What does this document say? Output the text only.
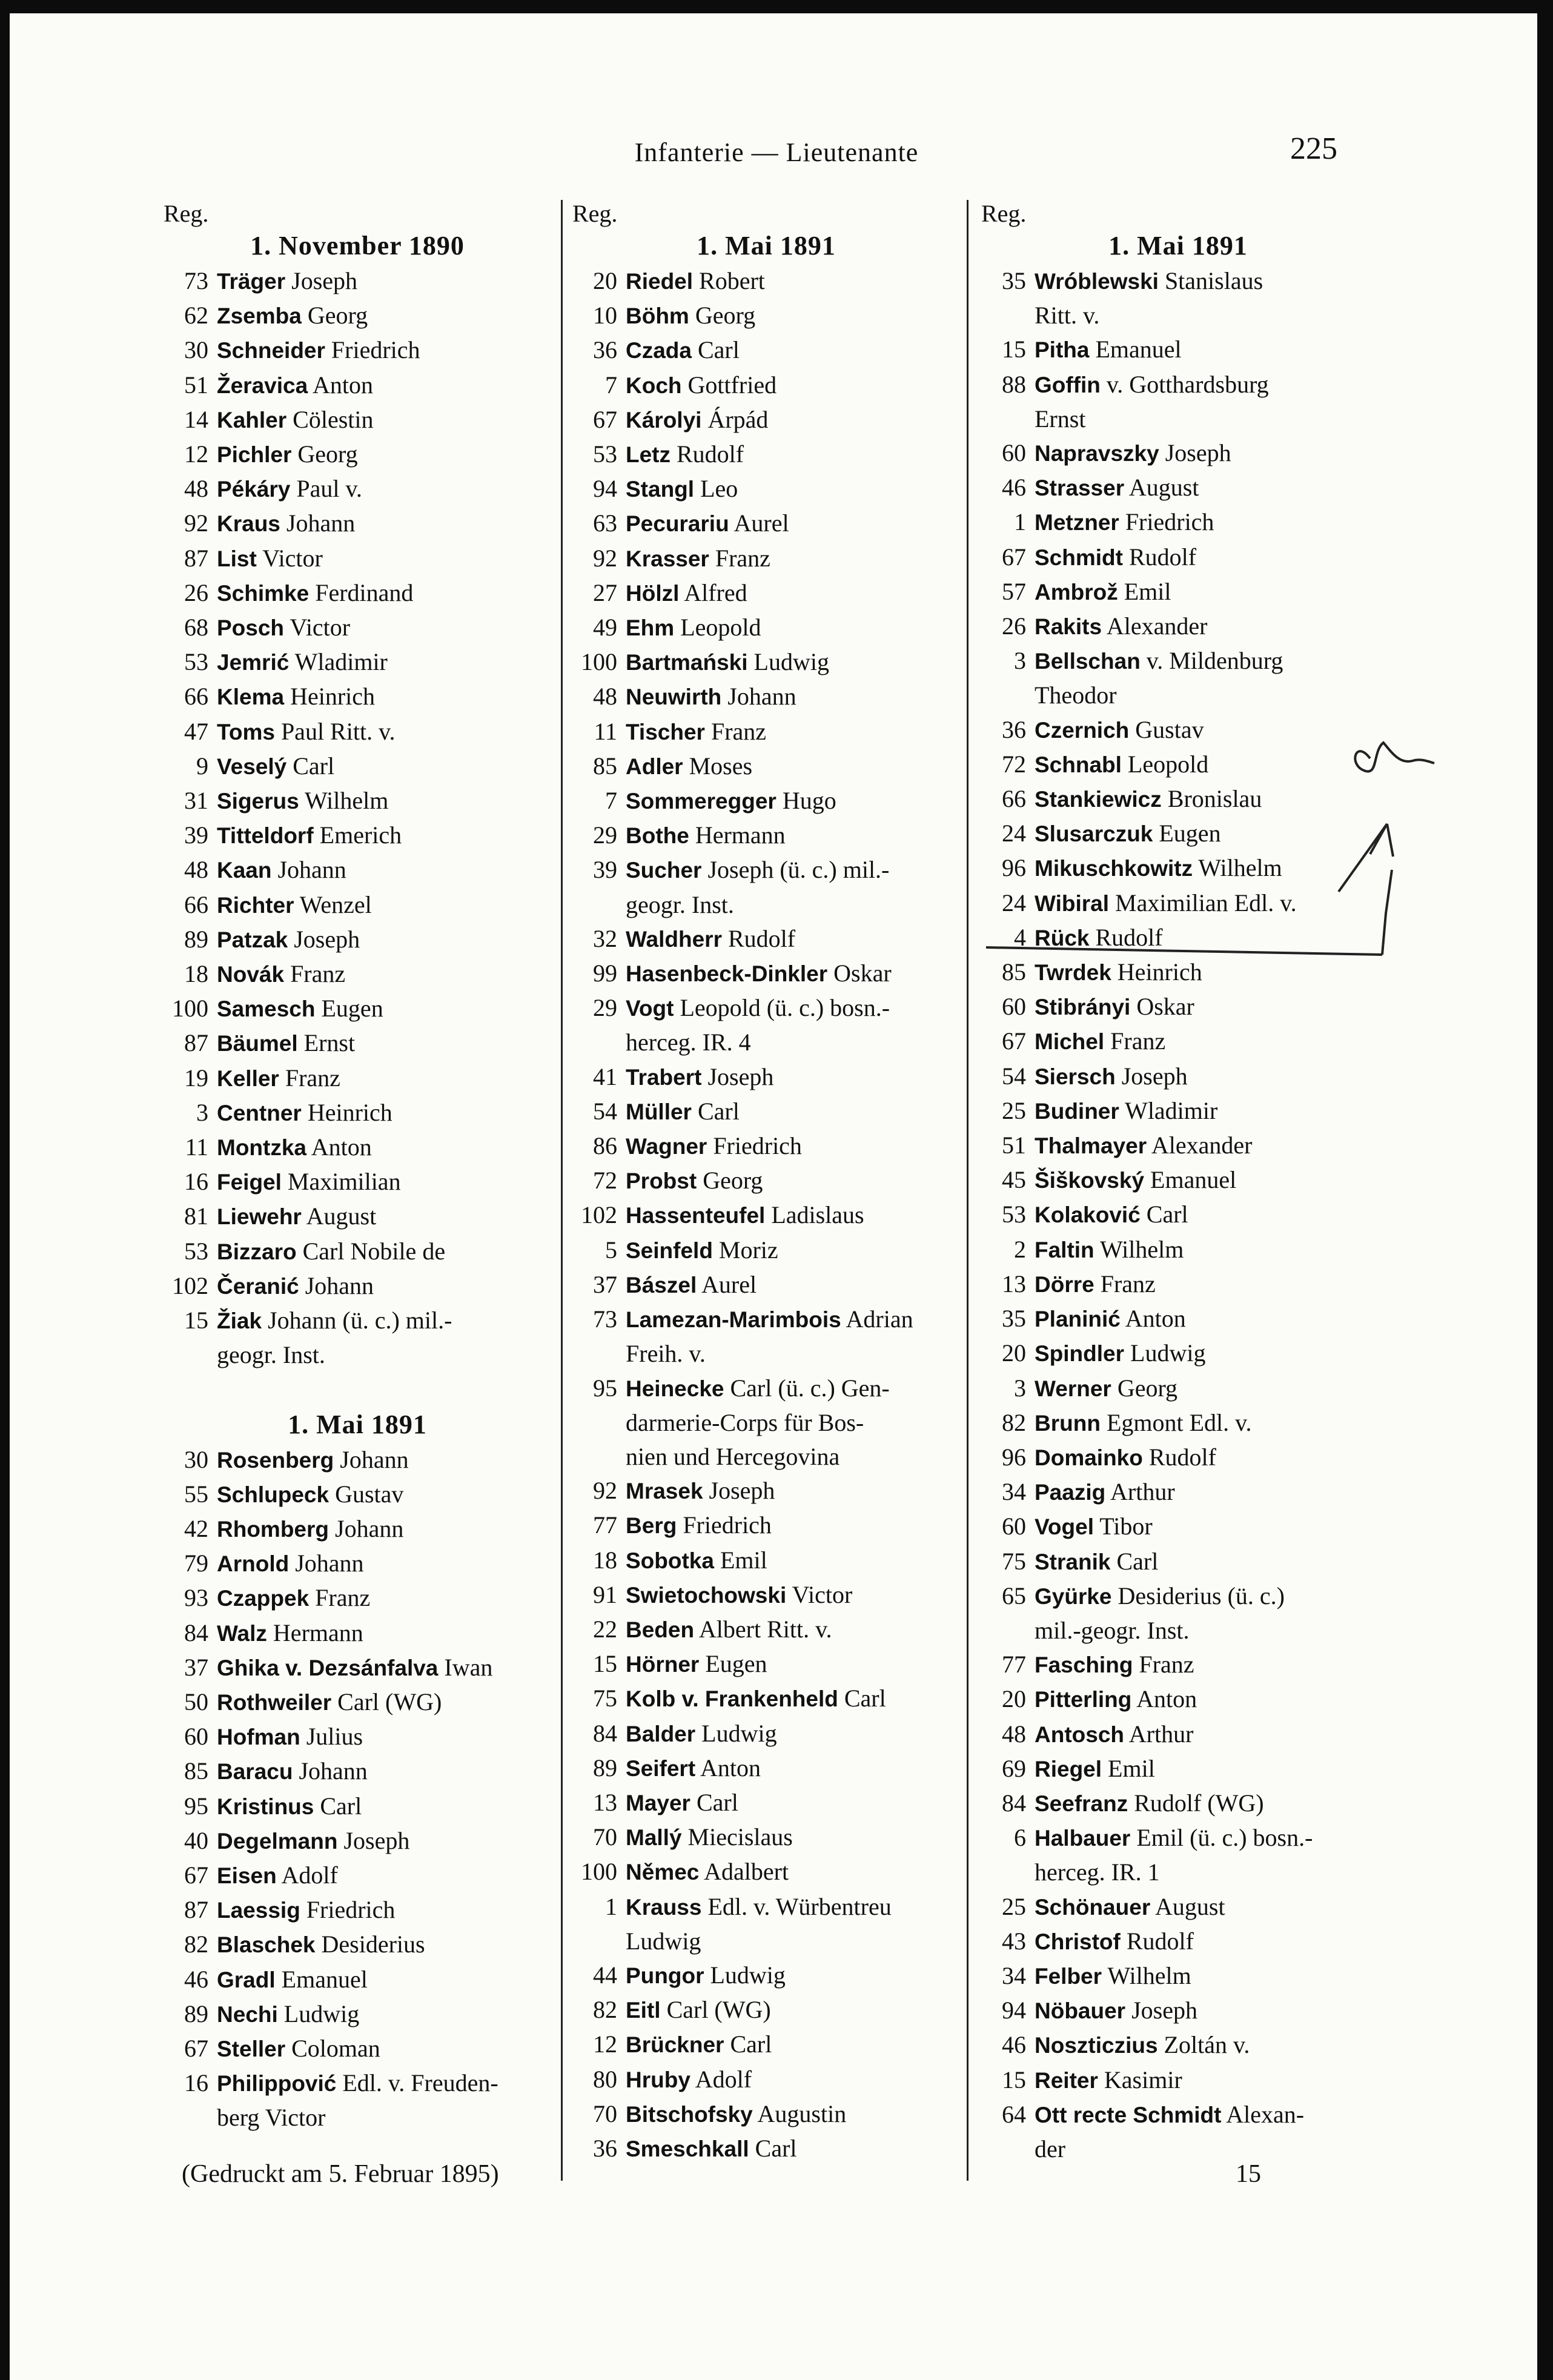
Infanterie — Lieutenante	225
Reg.
1. November 1890
73 Träger Joseph
62 Zsemba Georg
30 Schneider Friedrich
51 Žeravica Anton
14 Kahler Cölestin
12 Pichler Georg
48 Pékáry Paul v.
92 Kraus Johann
87 List Victor
26 Schimke Ferdinand
68 Posch Victor
53 Jemrić Wladimir
66 Klema Heinrich
47 Toms Paul Ritt. v.
9 Veselý Carl
31 Sigerus Wilhelm
39 Titteldorf Emerich
48 Kaan Johann
66 Richter Wenzel
89 Patzak Joseph
18 Novák Franz
100 Samesch Eugen
87 Bäumel Ernst
19 Keller Franz
3 Centner Heinrich
11 Montzka Anton
16 Feigel Maximilian
81 Liewehr August
53 Bizzaro Carl Nobile de
102 Čeranić Johann
15 Žiak Johann (ü. c.) mil.-
geogr. Inst.
1. Mai 1891
30 Rosenberg Johann
55 Schlupeck Gustav
42 Rhomberg Johann
79 Arnold Johann
93 Czappek Franz
84 Walz Hermann
37 Ghika v. Dezsánfalva Iwan
50 Rothweiler Carl (WG)
60 Hofman Julius
85 Baracu Johann
95 Kristinus Carl
40 Degelmann Joseph
67 Eisen Adolf
87 Laessig Friedrich
82 Blaschek Desiderius
46 Gradl Emanuel
89 Nechi Ludwig
67 Steller Coloman
16 Philippović Edl. v. Freuden-
berg Victor
Reg.
1. Mai 1891
20 Riedel Robert
10 Böhm Georg
36 Czada Carl
7 Koch Gottfried
67 Károlyi Árpád
53 Letz Rudolf
94 Stangl Leo
63 Pecurariu Aurel
92 Krasser Franz
27 Hölzl Alfred
49 Ehm Leopold
100 Bartmański Ludwig
48 Neuwirth Johann
11 Tischer Franz
85 Adler Moses
7 Sommeregger Hugo
29 Bothe Hermann
39 Sucher Joseph (ü. c.) mil.-
geogr. Inst.
32 Waldherr Rudolf
99 Hasenbeck-Dinkler Oskar
29 Vogt Leopold (ü. c.) bosn.-
herceg. IR. 4
41 Trabert Joseph
54 Müller Carl
86 Wagner Friedrich
72 Probst Georg
102 Hassenteufel Ladislaus
5 Seinfeld Moriz
37 Bászel Aurel
73 Lamezan-Marimbois Adrian
Freih. v.
95 Heinecke Carl (ü. c.) Gen-
darmerie-Corps für Bos-
nien und Hercegovina
92 Mrasek Joseph
77 Berg Friedrich
18 Sobotka Emil
91 Swietochowski Victor
22 Beden Albert Ritt. v.
15 Hörner Eugen
75 Kolb v. Frankenheld Carl
84 Balder Ludwig
89 Seifert Anton
13 Mayer Carl
70 Mallý Miecislaus
100 Němec Adalbert
1 Krauss Edl. v. Würbentreu
Ludwig
44 Pungor Ludwig
82 Eitl Carl (WG)
12 Brückner Carl
80 Hruby Adolf
70 Bitschofsky Augustin
36 Smeschkall Carl
Reg.
1. Mai 1891
35 Wróblewski Stanislaus
Ritt. v.
15 Pitha Emanuel
88 Goffin v. Gotthardsburg
Ernst
60 Napravszky Joseph
46 Strasser August
1 Metzner Friedrich
67 Schmidt Rudolf
57 Ambrož Emil
26 Rakits Alexander
3 Bellschan v. Mildenburg
Theodor
36 Czernich Gustav
72 Schnabl Leopold
66 Stankiewicz Bronislau
24 Slusarczuk Eugen
96 Mikuschkowitz Wilhelm
24 Wibiral Maximilian Edl. v.
4 Rück Rudolf
85 Twrdek Heinrich
60 Stibrányi Oskar
67 Michel Franz
54 Siersch Joseph
25 Budiner Wladimir
51 Thalmayer Alexander
45 Šiškovský Emanuel
53 Kolaković Carl
2 Faltin Wilhelm
13 Dörre Franz
35 Planinić Anton
20 Spindler Ludwig
3 Werner Georg
82 Brunn Egmont Edl. v.
96 Domainko Rudolf
34 Paazig Arthur
60 Vogel Tibor
75 Stranik Carl
65 Gyürke Desiderius (ü. c.)
mil.-geogr. Inst.
77 Fasching Franz
20 Pitterling Anton
48 Antosch Arthur
69 Riegel Emil
84 Seefranz Rudolf (WG)
6 Halbauer Emil (ü. c.) bosn.-
herceg. IR. 1
25 Schönauer August
43 Christof Rudolf
34 Felber Wilhelm
94 Nöbauer Joseph
46 Noszticzius Zoltán v.
15 Reiter Kasimir
64 Ott recte Schmidt Alexan-
der
(Gedruckt am 5. Februar 1895)	15
